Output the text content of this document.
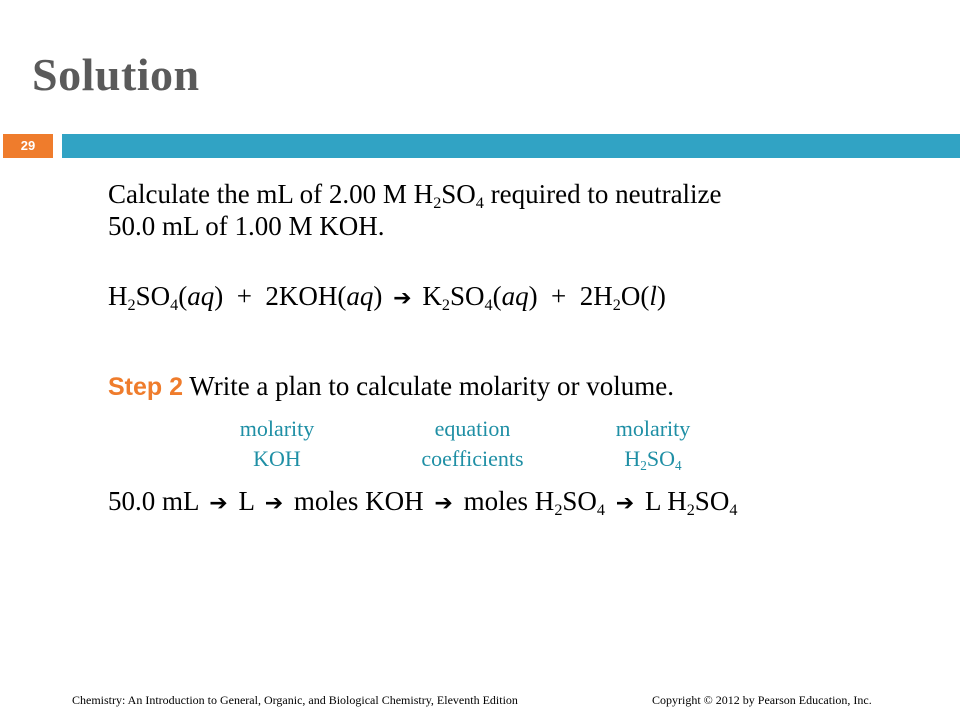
Solution
29
Calculate the mL of 2.00 M $H_2SO_4$ required to neutralize
50.0 mL of 1.00 M KOH.
$H_2SO_4(aq) + 2KOH(aq)$ ➔ $K_2SO_4(aq) + 2H_2O(l)$
Step 2 Write a plan to calculate molarity or volume.
molarity
KOH
equation
coefficients
molarity
$H_2SO_4$
50.0 mL ➔ L ➔ moles KOH ➔ moles $H_2SO_4$ ➔ L $H_2SO_4$
Chemistry: An Introduction to General, Organic, and Biological Chemistry, Eleventh Edition	Copyright © 2012 by Pearson Education, Inc.
